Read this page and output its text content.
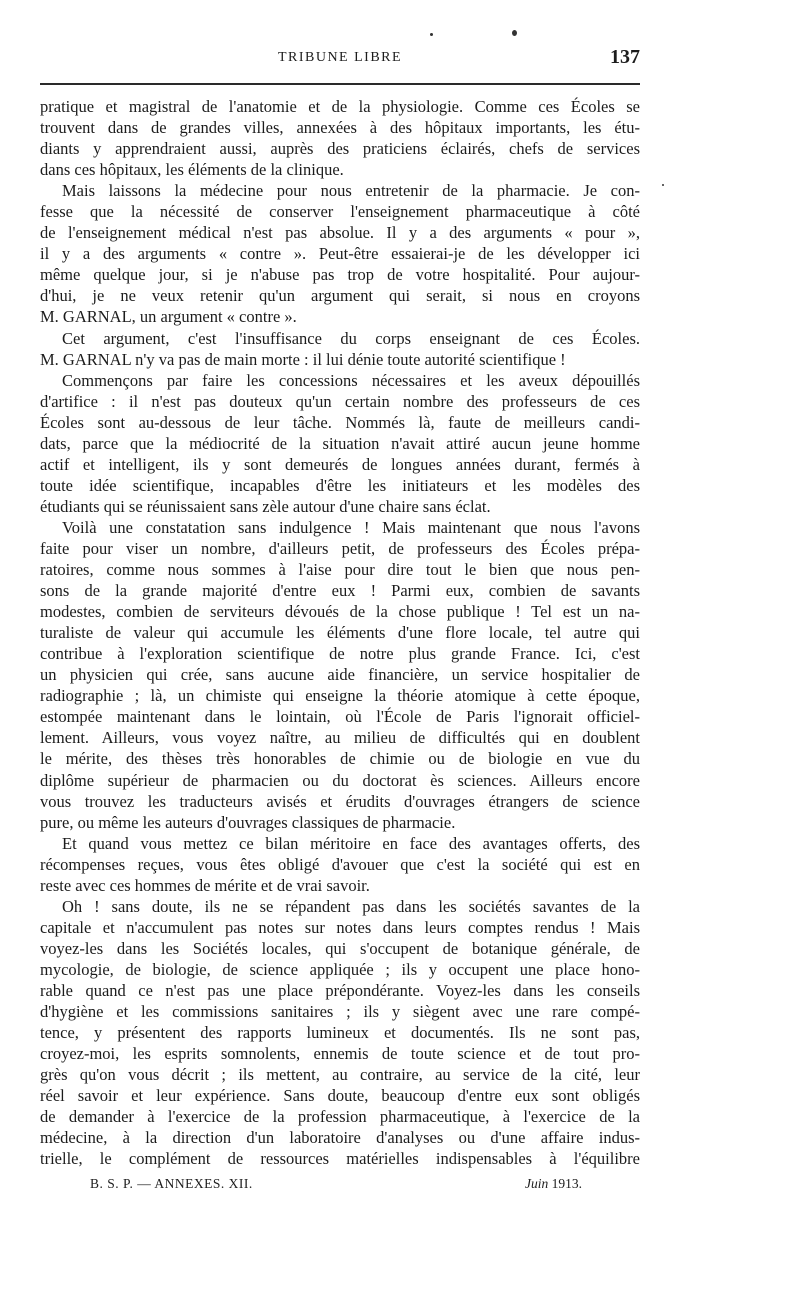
TRIBUNE LIBRE	137
pratique et magistral de l'anatomie et de la physiologie. Comme ces Écoles se
trouvent dans de grandes villes, annexées à des hôpitaux importants, les étu-
diants y apprendraient aussi, auprès des praticiens éclairés, chefs de services
dans ces hôpitaux, les éléments de la clinique.
Mais laissons la médecine pour nous entretenir de la pharmacie. Je con-
fesse que la nécessité de conserver l'enseignement pharmaceutique à côté
de l'enseignement médical n'est pas absolue. Il y a des arguments « pour »,
il y a des arguments « contre ». Peut-être essaierai-je de les développer ici
même quelque jour, si je n'abuse pas trop de votre hospitalité. Pour aujour-
d'hui, je ne veux retenir qu'un argument qui serait, si nous en croyons
M. GARNAL, un argument « contre ».
Cet argument, c'est l'insuffisance du corps enseignant de ces Écoles.
M. GARNAL n'y va pas de main morte : il lui dénie toute autorité scientifique !
Commençons par faire les concessions nécessaires et les aveux dépouillés
d'artifice : il n'est pas douteux qu'un certain nombre des professeurs de ces
Écoles sont au-dessous de leur tâche. Nommés là, faute de meilleurs candi-
dats, parce que la médiocrité de la situation n'avait attiré aucun jeune homme
actif et intelligent, ils y sont demeurés de longues années durant, fermés à
toute idée scientifique, incapables d'être les initiateurs et les modèles des
étudiants qui se réunissaient sans zèle autour d'une chaire sans éclat.
Voilà une constatation sans indulgence ! Mais maintenant que nous l'avons
faite pour viser un nombre, d'ailleurs petit, de professeurs des Écoles prépa-
ratoires, comme nous sommes à l'aise pour dire tout le bien que nous pen-
sons de la grande majorité d'entre eux ! Parmi eux, combien de savants
modestes, combien de serviteurs dévoués de la chose publique ! Tel est un na-
turaliste de valeur qui accumule les éléments d'une flore locale, tel autre qui
contribue à l'exploration scientifique de notre plus grande France. Ici, c'est
un physicien qui crée, sans aucune aide financière, un service hospitalier de
radiographie ; là, un chimiste qui enseigne la théorie atomique à cette époque,
estompée maintenant dans le lointain, où l'École de Paris l'ignorait officiel-
lement. Ailleurs, vous voyez naître, au milieu de difficultés qui en doublent
le mérite, des thèses très honorables de chimie ou de biologie en vue du
diplôme supérieur de pharmacien ou du doctorat ès sciences. Ailleurs encore
vous trouvez les traducteurs avisés et érudits d'ouvrages étrangers de science
pure, ou même les auteurs d'ouvrages classiques de pharmacie.
Et quand vous mettez ce bilan méritoire en face des avantages offerts, des
récompenses reçues, vous êtes obligé d'avouer que c'est la société qui est en
reste avec ces hommes de mérite et de vrai savoir.
Oh ! sans doute, ils ne se répandent pas dans les sociétés savantes de la
capitale et n'accumulent pas notes sur notes dans leurs comptes rendus ! Mais
voyez-les dans les Sociétés locales, qui s'occupent de botanique générale, de
mycologie, de biologie, de science appliquée ; ils y occupent une place hono-
rable quand ce n'est pas une place prépondérante. Voyez-les dans les conseils
d'hygiène et les commissions sanitaires ; ils y siègent avec une rare compé-
tence, y présentent des rapports lumineux et documentés. Ils ne sont pas,
croyez-moi, les esprits somnolents, ennemis de toute science et de tout pro-
grès qu'on vous décrit ; ils mettent, au contraire, au service de la cité, leur
réel savoir et leur expérience. Sans doute, beaucoup d'entre eux sont obligés
de demander à l'exercice de la profession pharmaceutique, à l'exercice de la
médecine, à la direction d'un laboratoire d'analyses ou d'une affaire indus-
trielle, le complément de ressources matérielles indispensables à l'équilibre
B. S. P. — ANNEXES. XII.	Juin 1913.
